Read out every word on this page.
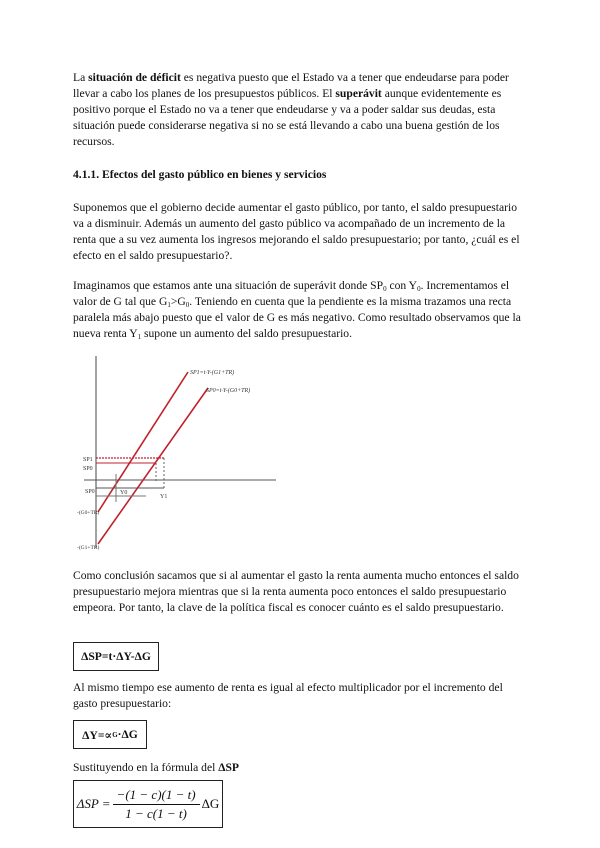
La situación de déficit es negativa puesto que el Estado va a tener que endeudarse para poder llevar a cabo los planes de los presupuestos públicos. El superávit aunque evidentemente es positivo porque el Estado no va a tener que endeudarse y va a poder saldar sus deudas, esta situación puede considerarse negativa si no se está llevando a cabo una buena gestión de los recursos.

4.1.1. Efectos del gasto público en bienes y servicios

Suponemos que el gobierno decide aumentar el gasto público, por tanto, el saldo presupuestario va a disminuir. Además un aumento del gasto público va acompañado de un incremento de la renta que a su vez aumenta los ingresos mejorando el saldo presupuestario; por tanto, ¿cuál es el efecto en el saldo presupuestario?.

Imaginamos que estamos ante una situación de superávit donde $SP_0$ con $Y_0$. Incrementamos el valor de G tal que $G_1>G_0$. Teniendo en cuenta que la pendiente es la misma trazamos una recta paralela más abajo puesto que el valor de G es más negativo. Como resultado observamos que la nueva renta $Y_1$ supone un aumento del saldo presupuestario.

SP1=t·Y-(G1+TR)
SP0=t·Y-(G0+TR)
SP1
SP0
SP0	Y0
Y1
-(G0+TR)
-(G1+TR)

Como conclusión sacamos que si al aumentar el gasto la renta aumenta mucho entonces el saldo presupuestario mejora mientras que si la renta aumenta poco entonces el saldo presupuestario empeora. Por tanto, la clave de la política fiscal es conocer cuánto es el saldo presupuestario.

ΔSP=t·ΔY-ΔG

Al mismo tiempo ese aumento de renta es igual al efecto multiplicador por el incremento del gasto presupuestario:

ΔY=∝ G ·ΔG

Sustituyendo en la fórmula del ΔSP

$\Delta SP = \frac{-(1 - c)(1 - t)}{1 - c(1 - t)}$ ΔG
